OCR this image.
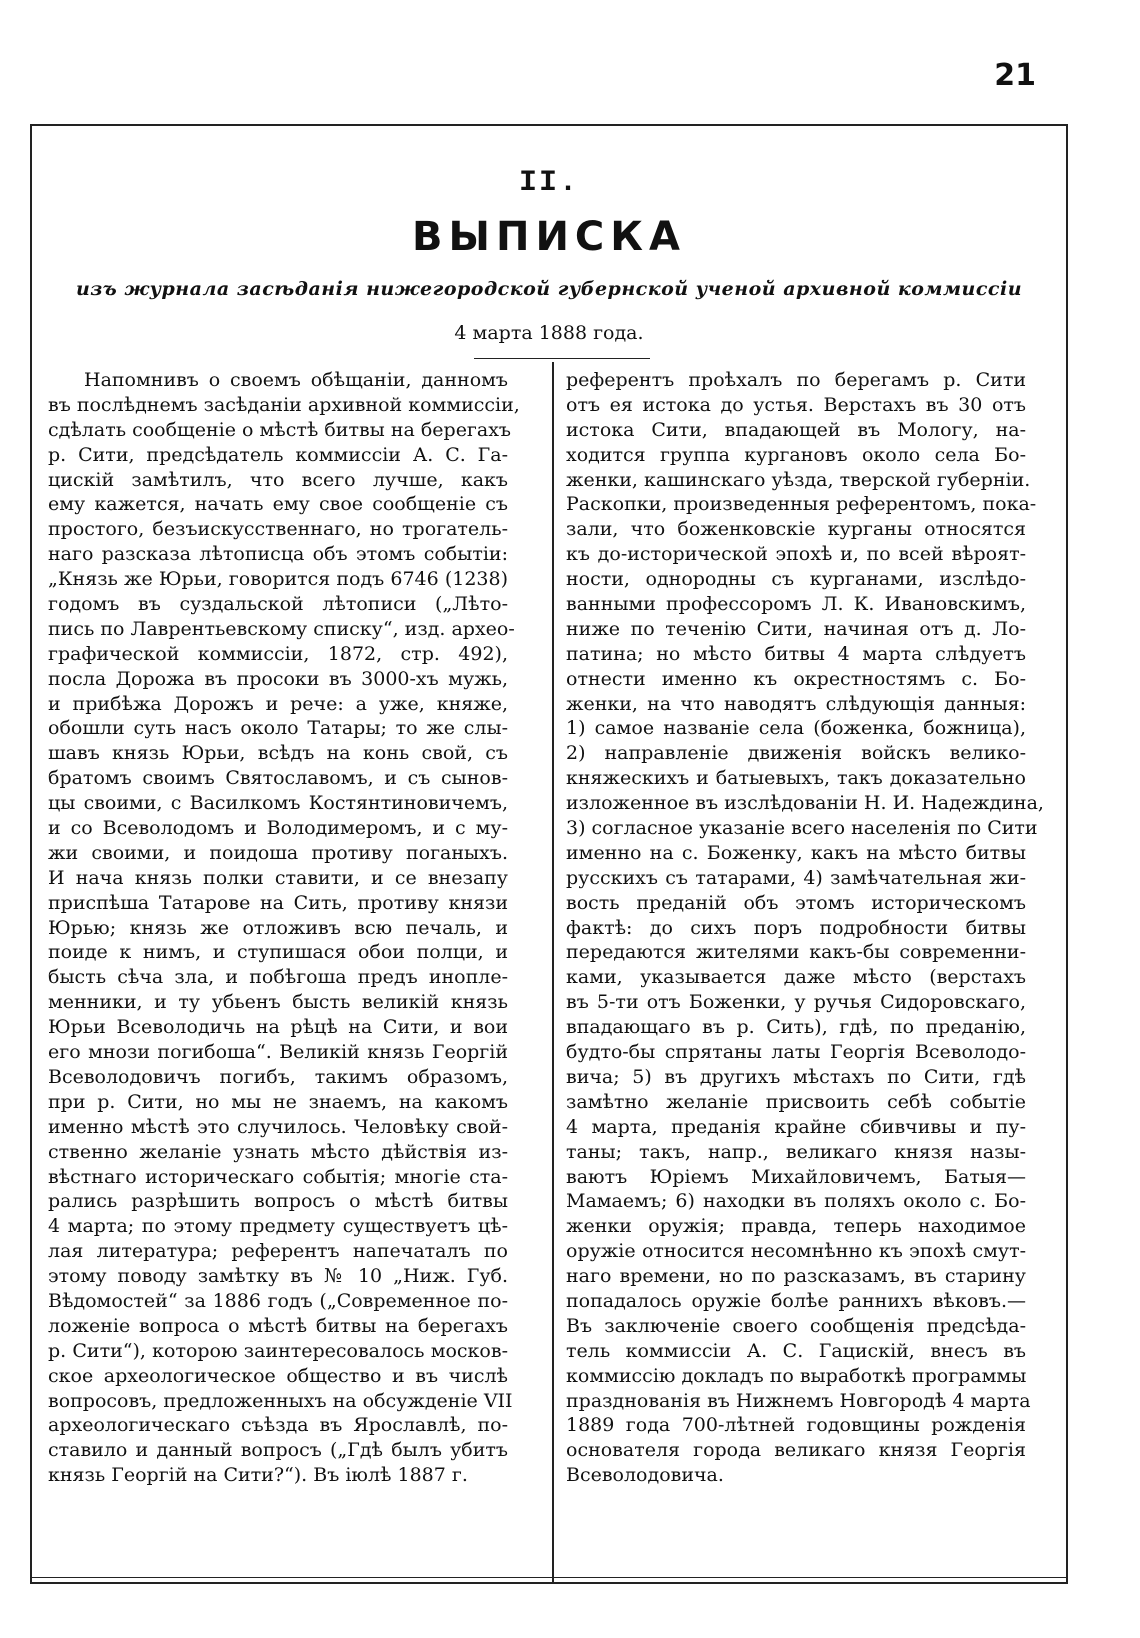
21
II.
ВЫПИСКА
изъ журнала засѣданія нижегородской губернской ученой архивной коммиссіи
4 марта 1888 года.
Напомнивъ о своемъ обѣщаніи, данномъ
въ послѣднемъ засѣданіи архивной коммиссіи,
сдѣлать сообщеніе о мѣстѣ битвы на берегахъ
р. Сити, предсѣдатель коммиссіи А. С. Га-
цискій замѣтилъ, что всего лучше, какъ
ему кажется, начать ему свое сообщеніе съ
простого, безъискусственнаго, но трогатель-
наго разсказа лѣтописца объ этомъ событіи:
„Князь же Юрьи, говорится подъ 6746 (1238)
годомъ въ суздальской лѣтописи („Лѣто-
пись по Лаврентьевскому списку“, изд. археo-
графической коммиссіи, 1872, стр. 492),
посла Дорожа въ просоки въ 3000-хъ мужь,
и прибѣжа Дорожъ и рече: а уже, княже,
обошли суть насъ около Татары; то же слы-
шавъ князь Юрьи, всѣдъ на конь свой, съ
братомъ своимъ Святославомъ, и съ сынов-
цы своими, с Василкомъ Костянтиновичемъ,
и со Всеволодомъ и Володимеромъ, и с му-
жи своими, и поидоша противу поганыхъ.
И нача князь полки ставити, и се внезапу
приспѣша Татарове на Сить, противу князи
Юрью; князь же отложивъ всю печаль, и
поиде к нимъ, и ступишася обои полци, и
бысть сѣча зла, и побѣгоша предъ иноплe-
менники, и ту убьенъ бысть великій князь
Юрьи Всеволодичь на рѣцѣ на Сити, и вои
его мнози погибоша“. Великій князь Георгій
Всеволодовичъ погибъ, такимъ образомъ,
при р. Сити, но мы не знаемъ, на какомъ
именно мѣстѣ это случилось. Человѣку свой-
ственно желаніе узнать мѣсто дѣйствія из-
вѣстнаго историческаго событія; многіе ста-
рались разрѣшить вопросъ о мѣстѣ битвы
4 марта; по этому предмету существуетъ цѣ-
лая литература; референтъ напечаталъ по
этому поводу замѣтку въ № 10 „Ниж. Губ.
Вѣдомостей“ за 1886 годъ („Современное по-
ложеніе вопроса о мѣстѣ битвы на берегахъ
р. Сити“), которою заинтересовалось москов-
ское археологическое общество и въ числѣ
вопросовъ, предложенныхъ на обсужденіе VII
археологическаго съѣзда въ Ярославлѣ, по-
ставило и данный вопросъ („Гдѣ былъ убитъ
князь Георгій на Сити?“). Въ іюлѣ 1887 г.
референтъ проѣхалъ по берегамъ р. Сити
отъ ея истока до устья. Верстахъ въ 30 отъ
истока Сити, впадающей въ Мологу, на-
ходится группа кургановъ около села Бо-
женки, кашинскаго уѣзда, тверской губерніи.
Раскопки, произведенныя референтомъ, пока-
зали, что боженковскіе курганы относятся
къ до-исторической эпохѣ и, по всей вѣроят-
ности, однородны съ курганами, изслѣдо-
ванными профессоромъ Л. К. Ивановскимъ,
ниже по теченію Сити, начиная отъ д. Ло-
патина; но мѣсто битвы 4 марта слѣдуетъ
отнести именно къ окрестностямъ с. Бо-
женки, на что наводятъ слѣдующія данныя:
1) самое названіе села (боженка, божница),
2) направленіе движенія войскъ велико-
княжескихъ и батыевыхъ, такъ доказательно
изложенное въ изслѣдованіи Н. И. Надеждина,
3) согласное указаніе всего населенія по Сити
именно на с. Боженку, какъ на мѣсто битвы
русскихъ съ татарами, 4) замѣчательная жи-
вость преданій объ этомъ историческомъ
фактѣ: до сихъ поръ подробности битвы
передаются жителями какъ-бы современни-
ками, указывается даже мѣсто (верстахъ
въ 5-ти отъ Боженки, у ручья Сидоровскаго,
впадающаго въ р. Сить), гдѣ, по преданію,
будто-бы спрятаны латы Георгія Всеволодо-
вича; 5) въ другихъ мѣстахъ по Сити, гдѣ
замѣтно желаніе присвоить себѣ событіе
4 марта, преданія крайне сбивчивы и пу-
таны; такъ, напр., великаго князя назы-
ваютъ Юріемъ Михайловичемъ, Батыя—
Мамаемъ; 6) находки въ поляхъ около с. Бо-
женки оружія; правда, теперь находимое
оружіе относится несомнѣнно къ эпохѣ смут-
наго времени, но по разсказамъ, въ старину
попадалось оружіе болѣе раннихъ вѣковъ.—
Въ заключеніе своего сообщенія предсѣда-
тель коммиссіи А. С. Гацискій, внесъ въ
коммиссію докладъ по выработкѣ программы
празднованія въ Нижнемъ Новгородѣ 4 марта
1889 года 700-лѣтней годовщины рожденія
основателя города великаго князя Георгія
Всеволодовича.
